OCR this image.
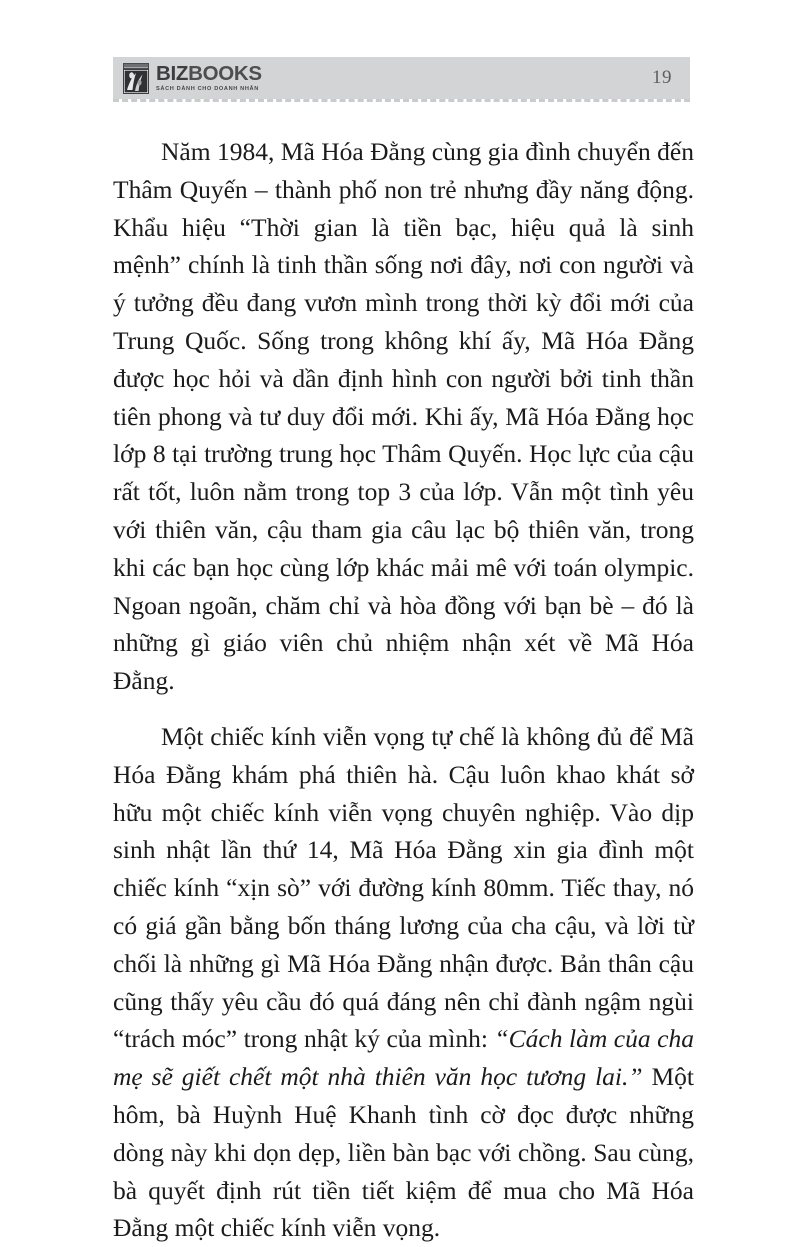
BIZBOOKS
SÁCH DÀNH CHO DOANH NHÂN
19

Năm 1984, Mã Hóa Đằng cùng gia đình chuyển đến Thâm Quyến – thành phố non trẻ nhưng đầy năng động. Khẩu hiệu “Thời gian là tiền bạc, hiệu quả là sinh mệnh” chính là tinh thần sống nơi đây, nơi con người và ý tưởng đều đang vươn mình trong thời kỳ đổi mới của Trung Quốc. Sống trong không khí ấy, Mã Hóa Đằng được học hỏi và dần định hình con người bởi tinh thần tiên phong và tư duy đổi mới. Khi ấy, Mã Hóa Đằng học lớp 8 tại trường trung học Thâm Quyến. Học lực của cậu rất tốt, luôn nằm trong top 3 của lớp. Vẫn một tình yêu với thiên văn, cậu tham gia câu lạc bộ thiên văn, trong khi các bạn học cùng lớp khác mải mê với toán olympic. Ngoan ngoãn, chăm chỉ và hòa đồng với bạn bè – đó là những gì giáo viên chủ nhiệm nhận xét về Mã Hóa Đằng.

Một chiếc kính viễn vọng tự chế là không đủ để Mã Hóa Đằng khám phá thiên hà. Cậu luôn khao khát sở hữu một chiếc kính viễn vọng chuyên nghiệp. Vào dịp sinh nhật lần thứ 14, Mã Hóa Đằng xin gia đình một chiếc kính “xịn sò” với đường kính 80mm. Tiếc thay, nó có giá gần bằng bốn tháng lương của cha cậu, và lời từ chối là những gì Mã Hóa Đằng nhận được. Bản thân cậu cũng thấy yêu cầu đó quá đáng nên chỉ đành ngậm ngùi “trách móc” trong nhật ký của mình: “Cách làm của cha mẹ sẽ giết chết một nhà thiên văn học tương lai.” Một hôm, bà Huỳnh Huệ Khanh tình cờ đọc được những dòng này khi dọn dẹp, liền bàn bạc với chồng. Sau cùng, bà quyết định rút tiền tiết kiệm để mua cho Mã Hóa Đằng một chiếc kính viễn vọng.
